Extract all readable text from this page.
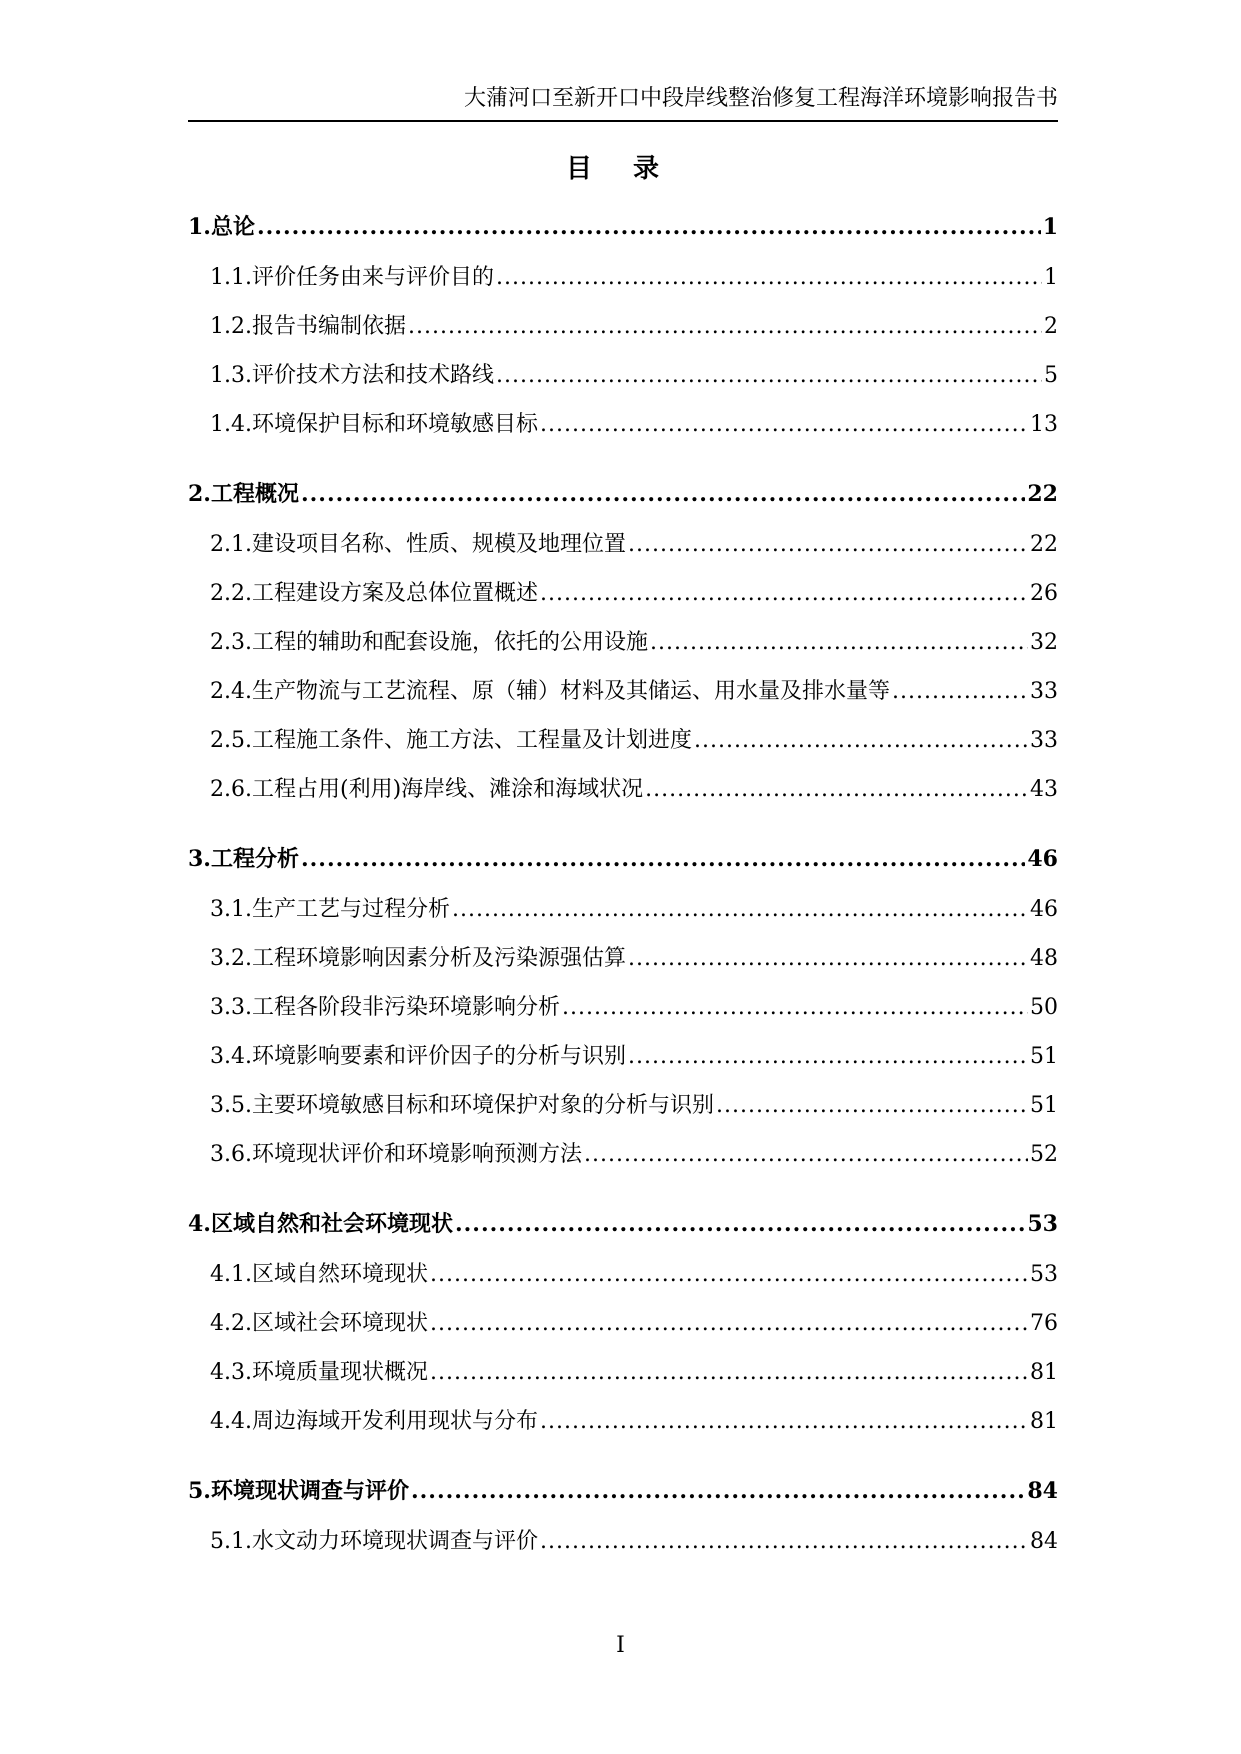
大蒲河口至新开口中段岸线整治修复工程海洋环境影响报告书
目 录
1.总论 .....	1
1.1.评价任务由来与评价目的 .....	1
1.2.报告书编制依据 .....	2
1.3.评价技术方法和技术路线 .....	5
1.4.环境保护目标和环境敏感目标 .....	13
2.工程概况 .....	22
2.1.建设项目名称、性质、规模及地理位置 .....	22
2.2.工程建设方案及总体位置概述 .....	26
2.3.工程的辅助和配套设施，依托的公用设施 .....	32
2.4.生产物流与工艺流程、原（辅）材料及其储运、用水量及排水量等 .....	33
2.5.工程施工条件、施工方法、工程量及计划进度 .....	33
2.6.工程占用(利用)海岸线、滩涂和海域状况 .....	43
3.工程分析 .....	46
3.1.生产工艺与过程分析 .....	46
3.2.工程环境影响因素分析及污染源强估算 .....	48
3.3.工程各阶段非污染环境影响分析 .....	50
3.4.环境影响要素和评价因子的分析与识别 .....	51
3.5.主要环境敏感目标和环境保护对象的分析与识别 .....	51
3.6.环境现状评价和环境影响预测方法 .....	52
4.区域自然和社会环境现状 .....	53
4.1.区域自然环境现状 .....	53
4.2.区域社会环境现状 .....	76
4.3.环境质量现状概况 .....	81
4.4.周边海域开发利用现状与分布 .....	81
5.环境现状调查与评价 .....	84
5.1.水文动力环境现状调查与评价 .....	84
I
